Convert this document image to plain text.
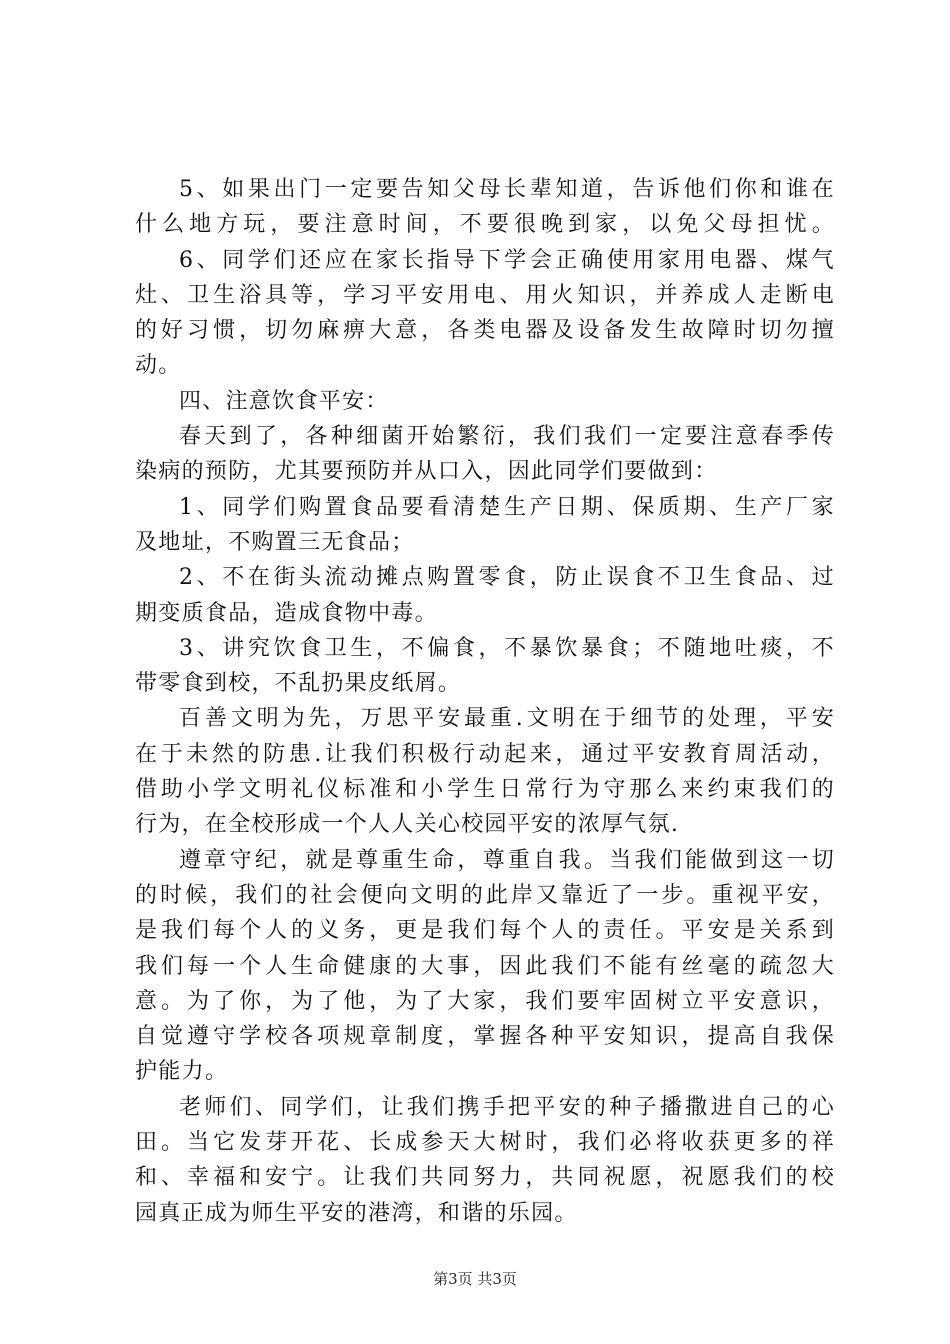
5、如果出门一定要告知父母长辈知道，告诉他们你和谁在
什么地方玩，要注意时间，不要很晚到家，以免父母担忧。
6、同学们还应在家长指导下学会正确使用家用电器、煤气
灶、卫生浴具等，学习平安用电、用火知识，并养成人走断电
的好习惯，切勿麻痹大意，各类电器及设备发生故障时切勿擅
动。
四、注意饮食平安：
春天到了，各种细菌开始繁衍，我们我们一定要注意春季传
染病的预防，尤其要预防并从口入，因此同学们要做到：
1、同学们购置食品要看清楚生产日期、保质期、生产厂家
及地址，不购置三无食品；
2、不在街头流动摊点购置零食，防止误食不卫生食品、过
期变质食品，造成食物中毒。
3、讲究饮食卫生，不偏食，不暴饮暴食；不随地吐痰，不
带零食到校，不乱扔果皮纸屑。
百善文明为先，万思平安最重.文明在于细节的处理，平安
在于未然的防患.让我们积极行动起来，通过平安教育周活动，
借助小学文明礼仪标准和小学生日常行为守那么来约束我们的
行为，在全校形成一个人人关心校园平安的浓厚气氛.
遵章守纪，就是尊重生命，尊重自我。当我们能做到这一切
的时候，我们的社会便向文明的此岸又靠近了一步。重视平安，
是我们每个人的义务，更是我们每个人的责任。平安是关系到
我们每一个人生命健康的大事，因此我们不能有丝毫的疏忽大
意。为了你，为了他，为了大家，我们要牢固树立平安意识，
自觉遵守学校各项规章制度，掌握各种平安知识，提高自我保
护能力。
老师们、同学们，让我们携手把平安的种子播撒进自己的心
田。当它发芽开花、长成参天大树时，我们必将收获更多的祥
和、幸福和安宁。让我们共同努力，共同祝愿，祝愿我们的校
园真正成为师生平安的港湾，和谐的乐园。
第3页 共3页
